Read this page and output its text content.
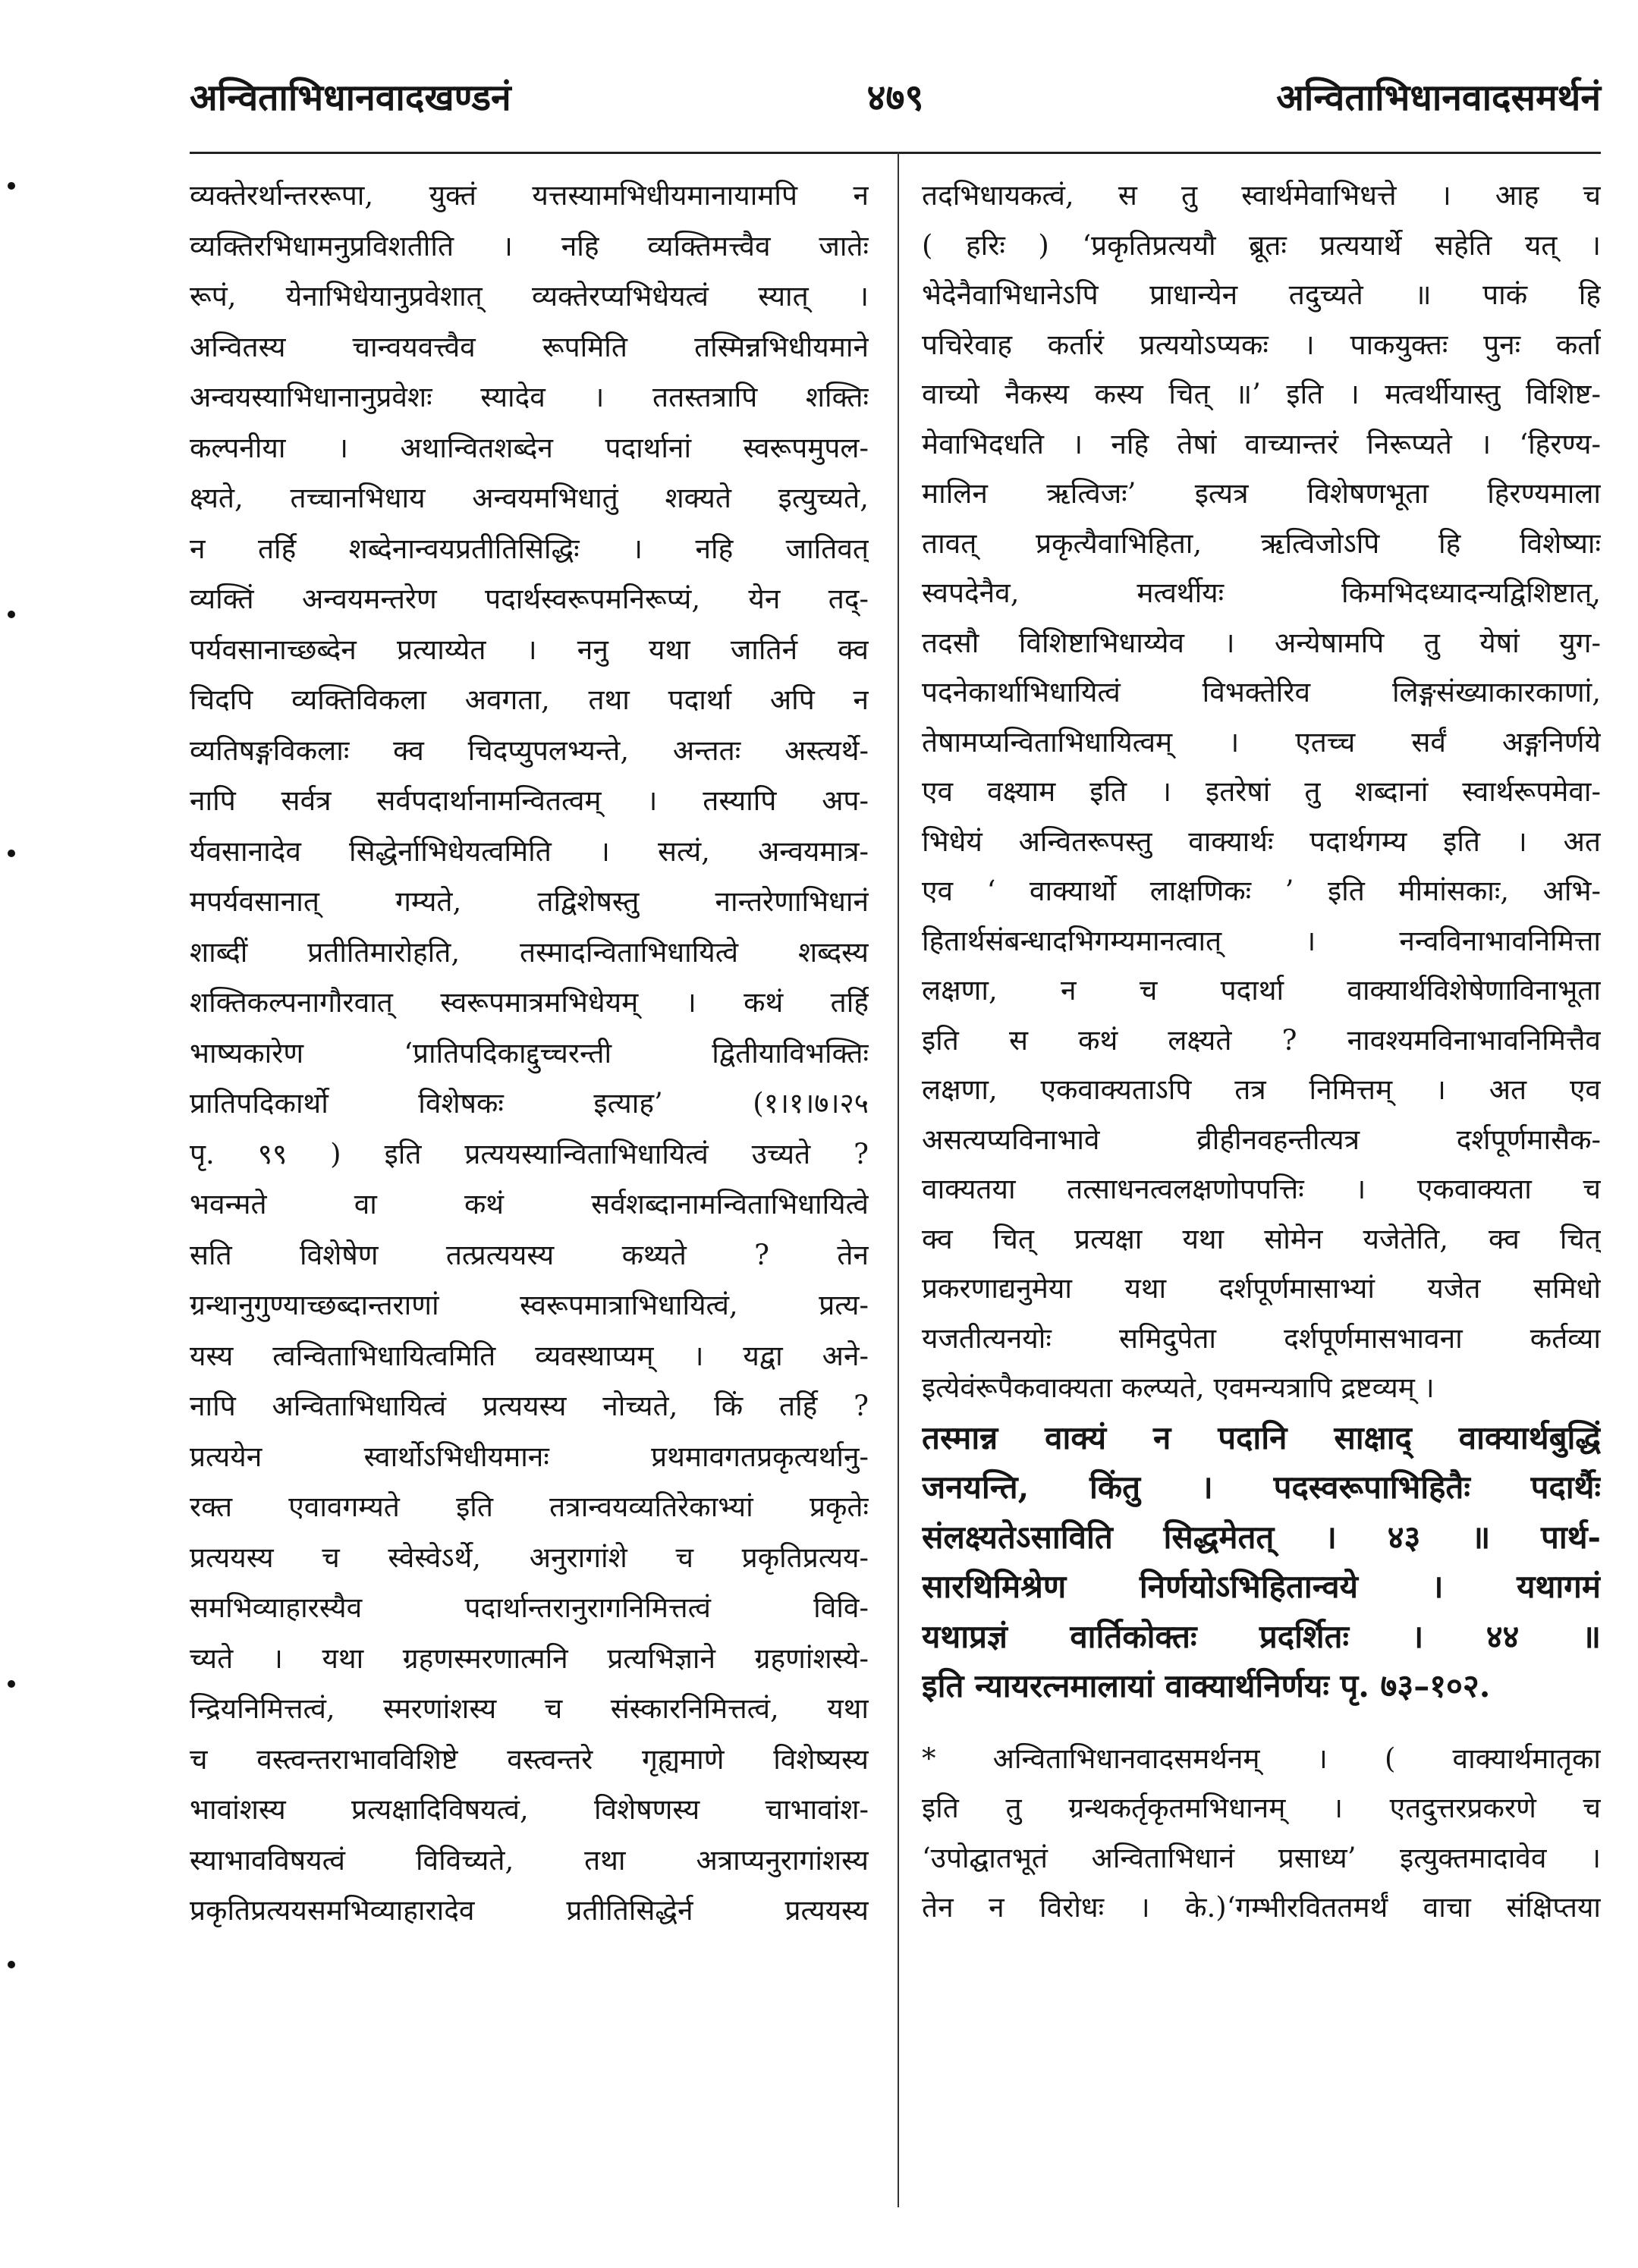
अन्विताभिधानवादखण्डनं	४७९	अन्विताभिधानवादसमर्थनं
व्यक्तेरर्थान्तररूपा, युक्तं यत्तस्यामभिधीयमानायामपि न
व्यक्तिरभिधामनुप्रविशतीति । नहि व्यक्तिमत्त्वैव जातेः
रूपं, येनाभिधेयानुप्रवेशात् व्यक्तेरप्यभिधेयत्वं स्यात् ।
अन्वितस्य चान्वयवत्त्वैव रूपमिति तस्मिन्नभिधीयमाने
अन्वयस्याभिधानानुप्रवेशः स्यादेव । ततस्तत्रापि शक्तिः
कल्पनीया । अथान्वितशब्देन पदार्थानां स्वरूपमुपल-
क्ष्यते, तच्चानभिधाय अन्वयमभिधातुं शक्यते इत्युच्यते,
न तर्हि शब्देनान्वयप्रतीतिसिद्धिः । नहि जातिवत्
व्यक्तिं अन्वयमन्तरेण पदार्थस्वरूपमनिरूप्यं, येन तद्-
पर्यवसानाच्छब्देन प्रत्याय्येत । ननु यथा जातिर्न क्व
चिदपि व्यक्तिविकला अवगता, तथा पदार्था अपि न
व्यतिषङ्गविकलाः क्व चिदप्युपलभ्यन्ते, अन्ततः अस्त्यर्थे-
नापि सर्वत्र सर्वपदार्थानामन्वितत्वम् । तस्यापि अप-
र्यवसानादेव सिद्धेर्नाभिधेयत्वमिति । सत्यं, अन्वयमात्र-
मपर्यवसानात् गम्यते, तद्विशेषस्तु नान्तरेणाभिधानं
शाब्दीं प्रतीतिमारोहति, तस्मादन्विताभिधायित्वे शब्दस्य
शक्तिकल्पनागौरवात् स्वरूपमात्रमभिधेयम् । कथं तर्हि
भाष्यकारेण ‘प्रातिपदिकाद्दुच्चरन्ती द्वितीयाविभक्तिः
प्रातिपदिकार्थो विशेषकः इत्याह’ (१।१।७।२५
पृ. ९९ ) इति प्रत्ययस्यान्विताभिधायित्वं उच्यते ?
भवन्मते वा कथं सर्वशब्दानामन्विताभिधायित्वे
सति विशेषेण तत्प्रत्ययस्य कथ्यते ? तेन
ग्रन्थानुगुण्याच्छब्दान्तराणां स्वरूपमात्राभिधायित्वं, प्रत्य-
यस्य त्वन्विताभिधायित्वमिति व्यवस्थाप्यम् । यद्वा अने-
नापि अन्विताभिधायित्वं प्रत्ययस्य नोच्यते, किं तर्हि ?
प्रत्ययेन स्वार्थोऽभिधीयमानः प्रथमावगतप्रकृत्यर्थानु-
रक्त एवावगम्यते इति तत्रान्वयव्यतिरेकाभ्यां प्रकृतेः
प्रत्ययस्य च स्वेस्वेऽर्थे, अनुरागांशे च प्रकृतिप्रत्यय-
समभिव्याहारस्यैव पदार्थान्तरानुरागनिमित्तत्वं विवि-
च्यते । यथा ग्रहणस्मरणात्मनि प्रत्यभिज्ञाने ग्रहणांशस्ये-
न्द्रियनिमित्तत्वं, स्मरणांशस्य च संस्कारनिमित्तत्वं, यथा
च वस्त्वन्तराभावविशिष्टे वस्त्वन्तरे गृह्यमाणे विशेष्यस्य
भावांशस्य प्रत्यक्षादिविषयत्वं, विशेषणस्य चाभावांश-
स्याभावविषयत्वं विविच्यते, तथा अत्राप्यनुरागांशस्य
प्रकृतिप्रत्ययसमभिव्याहारादेव प्रतीतिसिद्धेर्न प्रत्ययस्य
तदभिधायकत्वं, स तु स्वार्थमेवाभिधत्ते । आह च
( हरिः ) ‘प्रकृतिप्रत्ययौ ब्रूतः प्रत्ययार्थे सहेति यत् ।
भेदेनैवाभिधानेऽपि प्राधान्येन तदुच्यते ॥ पाकं हि
पचिरेवाह कर्तारं प्रत्ययोऽप्यकः । पाकयुक्तः पुनः कर्ता
वाच्यो नैकस्य कस्य चित् ॥’ इति । मत्वर्थीयास्तु विशिष्ट-
मेवाभिदधति । नहि तेषां वाच्यान्तरं निरूप्यते । ‘हिरण्य-
मालिन ऋत्विजः’ इत्यत्र विशेषणभूता हिरण्यमाला
तावत् प्रकृत्यैवाभिहिता, ऋत्विजोऽपि हि विशेष्याः
स्वपदेनैव, मत्वर्थीयः किमभिदध्यादन्यद्विशिष्टात्,
तदसौ विशिष्टाभिधाय्येव । अन्येषामपि तु येषां युग-
पदनेकार्थाभिधायित्वं विभक्तेरिव लिङ्गसंख्याकारकाणां,
तेषामप्यन्विताभिधायित्वम् । एतच्च सर्वं अङ्गनिर्णये
एव वक्ष्याम इति । इतरेषां तु शब्दानां स्वार्थरूपमेवा-
भिधेयं अन्वितरूपस्तु वाक्यार्थः पदार्थगम्य इति । अत
एव ‘ वाक्यार्थो लाक्षणिकः ’ इति मीमांसकाः, अभि-
हितार्थसंबन्धादभिगम्यमानत्वात् । नन्वविनाभावनिमित्ता
लक्षणा, न च पदार्था वाक्यार्थविशेषेणाविनाभूता
इति स कथं लक्ष्यते ? नावश्यमविनाभावनिमित्तैव
लक्षणा, एकवाक्यताऽपि तत्र निमित्तम् । अत एव
असत्यप्यविनाभावे व्रीहीनवहन्तीत्यत्र दर्शपूर्णमासैक-
वाक्यतया तत्साधनत्वलक्षणोपपत्तिः । एकवाक्यता च
क्व चित् प्रत्यक्षा यथा सोमेन यजेतेति, क्व चित्
प्रकरणाद्यनुमेया यथा दर्शपूर्णमासाभ्यां यजेत समिधो
यजतीत्यनयोः समिदुपेता दर्शपूर्णमासभावना कर्तव्या
इत्येवंरूपैकवाक्यता कल्प्यते, एवमन्यत्रापि द्रष्टव्यम् ।
तस्मान्न वाक्यं न पदानि साक्षाद् वाक्यार्थबुद्धिं
जनयन्ति, किंतु । पदस्वरूपाभिहितैः पदार्थैः
संलक्ष्यतेऽसाविति सिद्धमेतत् । ४३ ॥ पार्थ-
सारथिमिश्रेण निर्णयोऽभिहितान्वये । यथागमं
यथाप्रज्ञं वार्तिकोक्तः प्रदर्शितः । ४४ ॥
इति न्यायरत्नमालायां वाक्यार्थनिर्णयः पृ. ७३–१०२.
* अन्विताभिधानवादसमर्थनम् । ( वाक्यार्थमातृका
इति तु ग्रन्थकर्तृकृतमभिधानम् । एतदुत्तरप्रकरणे च
‘उपोद्घातभूतं अन्विताभिधानं प्रसाध्य’ इत्युक्तमादावेव ।
तेन न विरोधः । के.)‘गम्भीरविततमर्थं वाचा संक्षिप्तया
